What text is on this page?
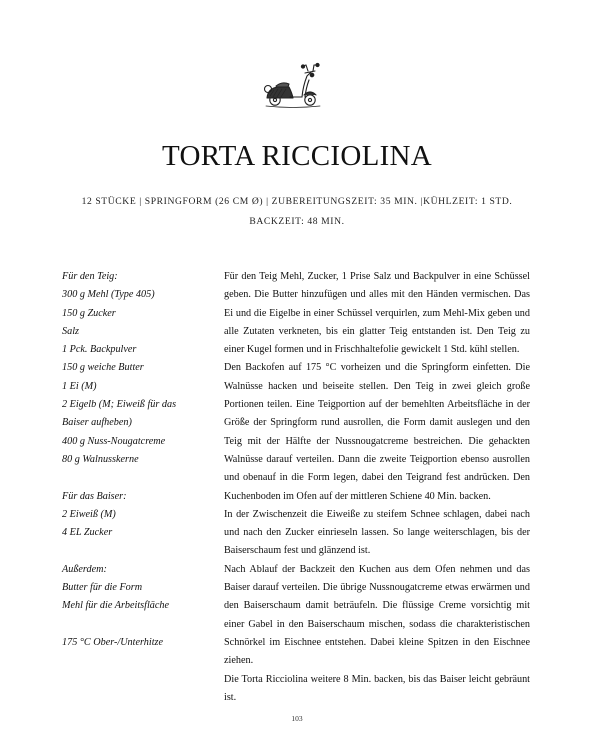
TORTA RICCIOLINA
12 STÜCKE | SPRINGFORM (26 CM Ø) | ZUBEREITUNGSZEIT: 35 MIN. |KÜHLZEIT: 1 STD.
BACKZEIT: 48 MIN.
Für den Teig:
300 g Mehl (Type 405)
150 g Zucker
Salz
1 Pck. Backpulver
150 g weiche Butter
1 Ei (M)
2 Eigelb (M; Eiweiß für das
Baiser aufheben)
400 g Nuss-Nougatcreme
80 g Walnusskerne
Für das Baiser:
2 Eiweiß (M)
4 EL Zucker
Außerdem:
Butter für die Form
Mehl für die Arbeitsfläche
175 °C Ober-/Unterhitze

Für den Teig Mehl, Zucker, 1 Prise Salz und Backpulver in eine Schüssel geben. Die Butter hinzufügen und alles mit den Händen vermischen. Das Ei und die Eigelbe in einer Schüssel verquirlen, zum Mehl-Mix geben und alle Zutaten verkneten, bis ein glatter Teig entstanden ist. Den Teig zu einer Kugel formen und in Frischhaltefolie gewickelt 1 Std. kühl stellen.

Den Backofen auf 175 °C vorheizen und die Springform einfetten. Die Walnüsse hacken und beiseite stellen. Den Teig in zwei gleich große Portionen teilen. Eine Teigportion auf der bemehlten Arbeitsfläche in der Größe der Springform rund ausrollen, die Form damit auslegen und den Teig mit der Hälfte der Nussnougatcreme bestreichen. Die gehackten Walnüsse darauf verteilen. Dann die zweite Teigportion ebenso ausrollen und obenauf in die Form legen, dabei den Teigrand fest andrücken. Den Kuchenboden im Ofen auf der mittleren Schiene 40 Min. backen.

In der Zwischenzeit die Eiweiße zu steifem Schnee schlagen, dabei nach und nach den Zucker einrieseln lassen. So lange weiterschlagen, bis der Baiserschaum fest und glänzend ist.

Nach Ablauf der Backzeit den Kuchen aus dem Ofen nehmen und das Baiser darauf verteilen. Die übrige Nussnougatcreme etwas erwärmen und den Baiserschaum damit beträufeln. Die flüssige Creme vorsichtig mit einer Gabel in den Baiserschaum mischen, sodass die charakteristischen Schnörkel im Eischnee entstehen. Dabei kleine Spitzen in den Eischnee ziehen.

Die Torta Ricciolina weitere 8 Min. backen, bis das Baiser leicht gebräunt ist.

103
